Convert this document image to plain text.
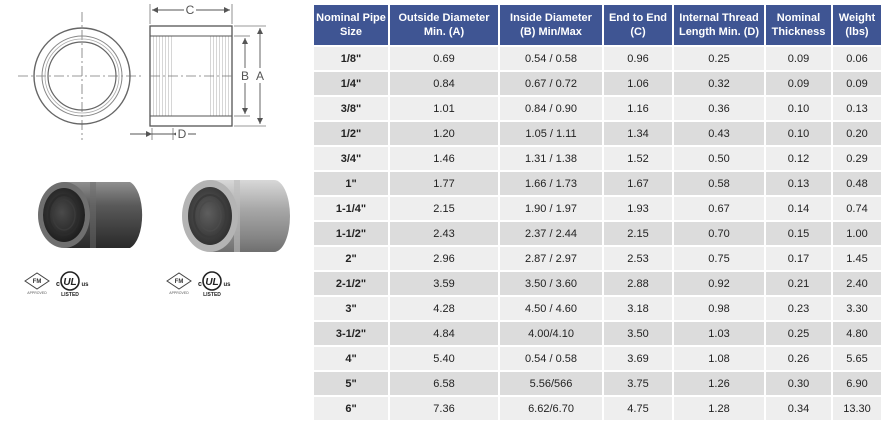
C
B A
D
FM
APPROVED
c UL us
LISTED
FM
APPROVED
c UL us
LISTED
Nominal Pipe Size	Outside Diameter Min. (A)	Inside Diameter (B) Min/Max	End to End (C)	Internal Thread Length Min. (D)	Nominal Thickness	Weight (lbs)
1/8"	0.69	0.54 / 0.58	0.96	0.25	0.09	0.06
1/4"	0.84	0.67 / 0.72	1.06	0.32	0.09	0.09
3/8"	1.01	0.84 / 0.90	1.16	0.36	0.10	0.13
1/2"	1.20	1.05 / 1.11	1.34	0.43	0.10	0.20
3/4"	1.46	1.31 / 1.38	1.52	0.50	0.12	0.29
1"	1.77	1.66 / 1.73	1.67	0.58	0.13	0.48
1-1/4"	2.15	1.90 / 1.97	1.93	0.67	0.14	0.74
1-1/2"	2.43	2.37 / 2.44	2.15	0.70	0.15	1.00
2"	2.96	2.87 / 2.97	2.53	0.75	0.17	1.45
2-1/2"	3.59	3.50 / 3.60	2.88	0.92	0.21	2.40
3"	4.28	4.50 / 4.60	3.18	0.98	0.23	3.30
3-1/2"	4.84	4.00/4.10	3.50	1.03	0.25	4.80
4"	5.40	0.54 / 0.58	3.69	1.08	0.26	5.65
5"	6.58	5.56/566	3.75	1.26	0.30	6.90
6"	7.36	6.62/6.70	4.75	1.28	0.34	13.30
